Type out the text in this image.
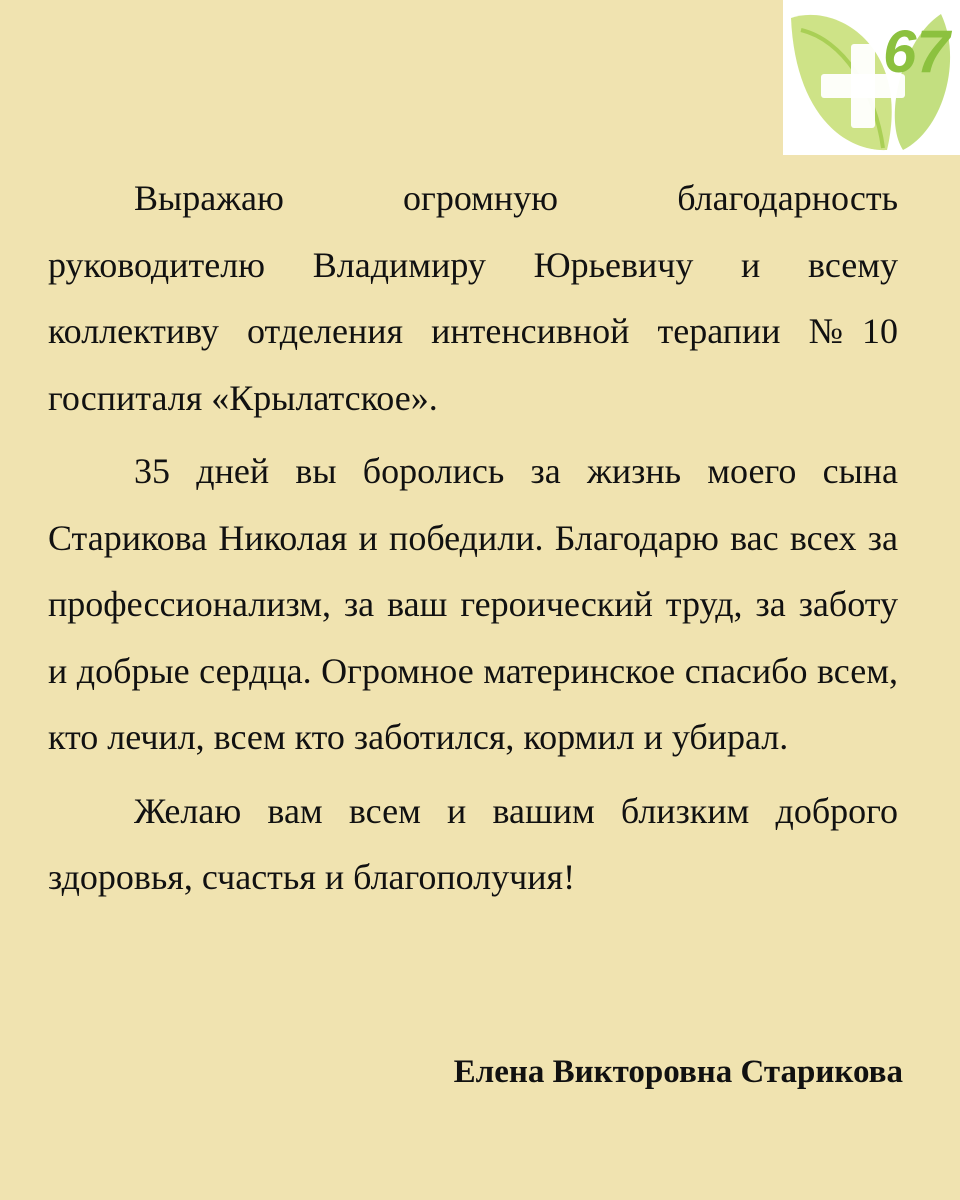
67

Выражаю огромную благодарность руководителю Владимиру Юрьевичу и всему коллективу отделения интенсивной терапии №10 госпиталя «Крылатское».

35 дней вы боролись за жизнь моего сына Старикова Николая и победили. Благодарю вас всех за профессионализм, за ваш героический труд, за заботу и добрые сердца. Огромное материнское спасибо всем, кто лечил, всем кто заботился, кормил и убирал.

Желаю вам всем и вашим близким доброго здоровья, счастья и благополучия!

Елена Викторовна Старикова
